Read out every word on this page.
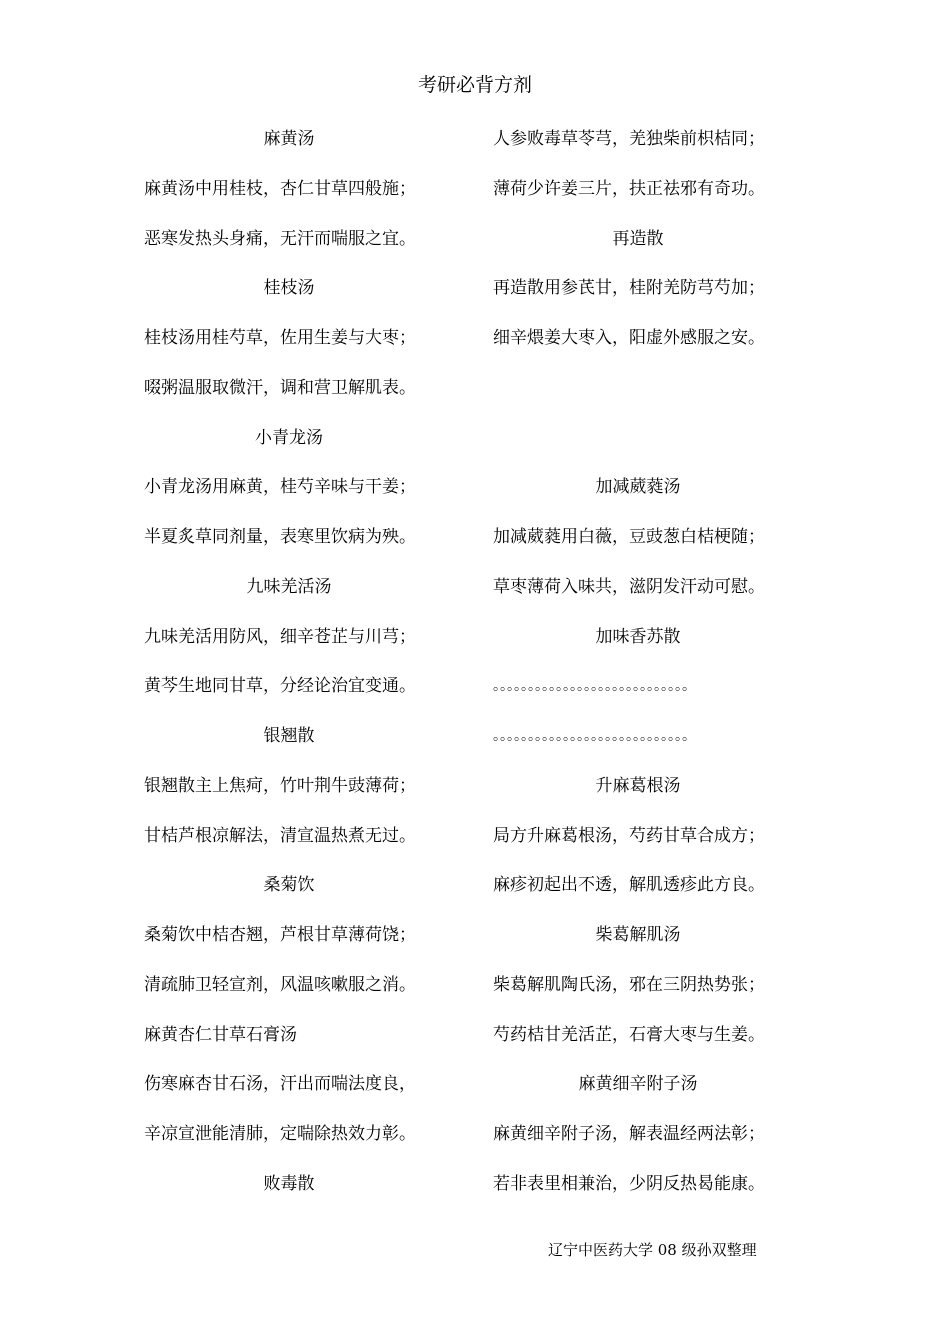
考研必背方剂
麻黄汤
麻黄汤中用桂枝，杏仁甘草四般施；
恶寒发热头身痛，无汗而喘服之宜。
桂枝汤
桂枝汤用桂芍草，佐用生姜与大枣；
啜粥温服取微汗，调和营卫解肌表。
小青龙汤
小青龙汤用麻黄，桂芍辛味与干姜；
半夏炙草同剂量，表寒里饮病为殃。
九味羌活汤
九味羌活用防风，细辛苍芷与川芎；
黄芩生地同甘草，分经论治宜变通。
银翘散
银翘散主上焦疴，竹叶荆牛豉薄荷；
甘桔芦根凉解法，清宣温热煮无过。
桑菊饮
桑菊饮中桔杏翘，芦根甘草薄荷饶；
清疏肺卫轻宣剂，风温咳嗽服之消。
麻黄杏仁甘草石膏汤
伤寒麻杏甘石汤，汗出而喘法度良，
辛凉宣泄能清肺，定喘除热效力彰。
败毒散
人参败毒草苓芎，羌独柴前枳桔同；
薄荷少许姜三片，扶正祛邪有奇功。
再造散
再造散用参芪甘，桂附羌防芎芍加；
细辛煨姜大枣入，阳虚外感服之安。
加减葳蕤汤
加减葳蕤用白薇，豆豉葱白桔梗随；
草枣薄荷入味共，滋阴发汗动可慰。
加味香苏散
。。。。。。。。。。。。。。。。。。。。。。。。。。。。
。。。。。。。。。。。。。。。。。。。。。。。。。。。。
升麻葛根汤
局方升麻葛根汤，芍药甘草合成方；
麻疹初起出不透，解肌透疹此方良。
柴葛解肌汤
柴葛解肌陶氏汤，邪在三阴热势张；
芍药桔甘羌活芷，石膏大枣与生姜。
麻黄细辛附子汤
麻黄细辛附子汤，解表温经两法彰；
若非表里相兼治，少阴反热曷能康。
辽宁中医药大学 08 级孙双整理
